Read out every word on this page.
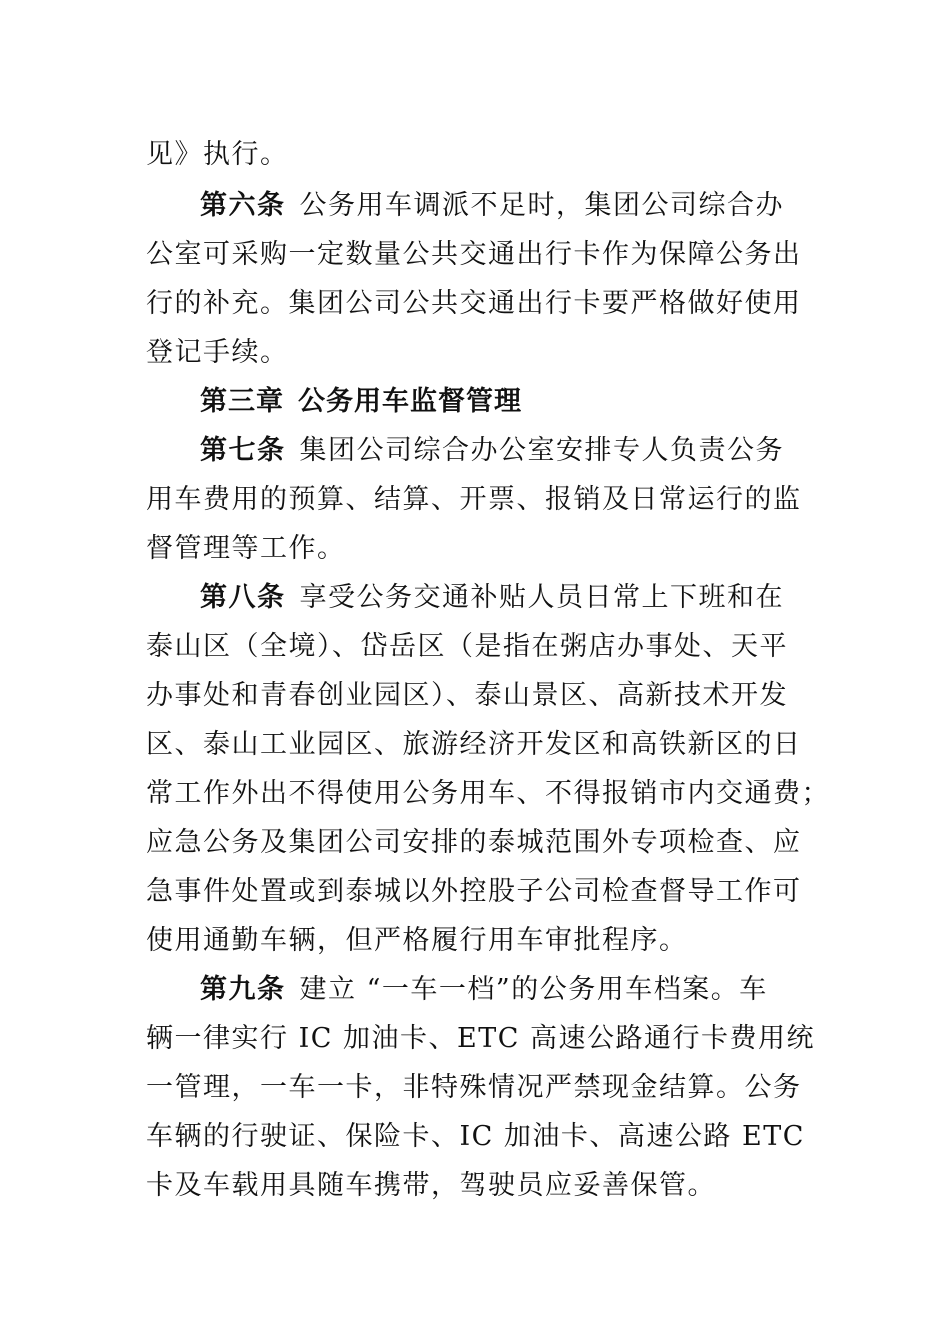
见》执行。
第六条 公务用车调派不足时，集团公司综合办
公室可采购一定数量公共交通出行卡作为保障公务出
行的补充。集团公司公共交通出行卡要严格做好使用
登记手续。
第三章 公务用车监督管理
第七条 集团公司综合办公室安排专人负责公务
用车费用的预算、结算、开票、报销及日常运行的监
督管理等工作。
第八条 享受公务交通补贴人员日常上下班和在
泰山区（全境）、岱岳区（是指在粥店办事处、天平
办事处和青春创业园区）、泰山景区、高新技术开发
区、泰山工业园区、旅游经济开发区和高铁新区的日
常工作外出不得使用公务用车、不得报销市内交通费；
应急公务及集团公司安排的泰城范围外专项检查、应
急事件处置或到泰城以外控股子公司检查督导工作可
使用通勤车辆，但严格履行用车审批程序。
第九条 建立 “一车一档”的公务用车档案。车
辆一律实行 IC 加油卡、ETC 高速公路通行卡费用统
一管理，一车一卡，非特殊情况严禁现金结算。公务
车辆的行驶证、保险卡、IC 加油卡、高速公路 ETC
卡及车载用具随车携带，驾驶员应妥善保管。
